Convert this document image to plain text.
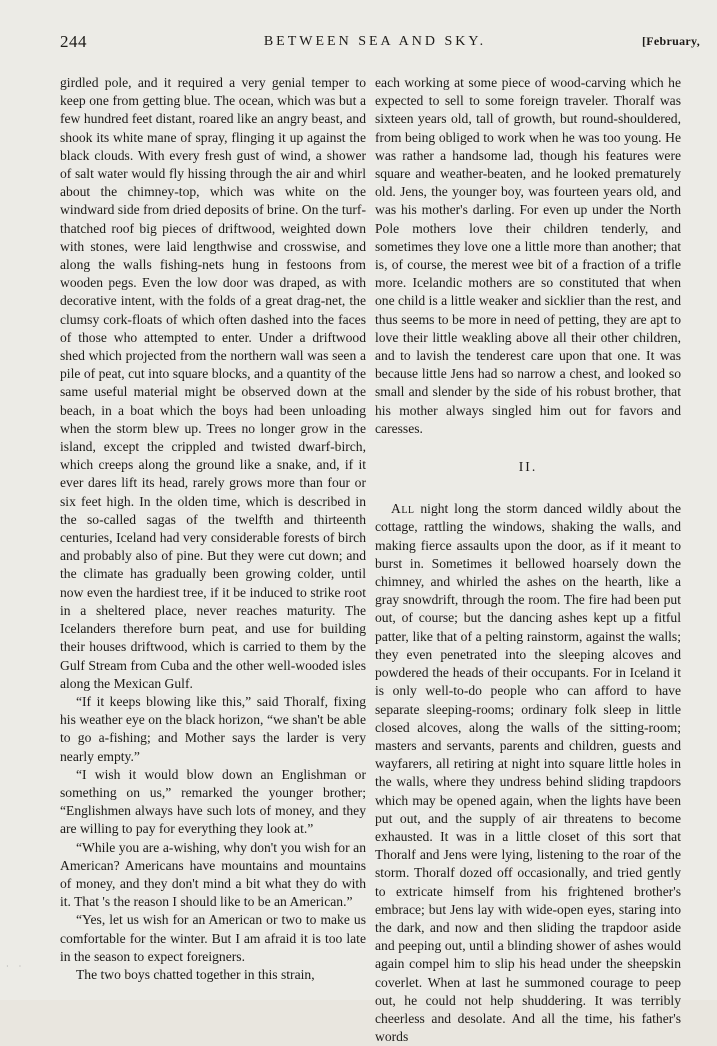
244	BETWEEN SEA AND SKY.	[February,

girdled pole, and it required a very genial temper to keep one from getting blue. The ocean, which was but a few hundred feet distant, roared like an angry beast, and shook its white mane of spray, flinging it up against the black clouds. With every fresh gust of wind, a shower of salt water would fly hissing through the air and whirl about the chimney-top, which was white on the windward side from dried deposits of brine. On the turf-thatched roof big pieces of driftwood, weighted down with stones, were laid lengthwise and crosswise, and along the walls fishing-nets hung in festoons from wooden pegs. Even the low door was draped, as with decorative intent, with the folds of a great drag-net, the clumsy cork-floats of which often dashed into the faces of those who attempted to enter. Under a driftwood shed which projected from the northern wall was seen a pile of peat, cut into square blocks, and a quantity of the same useful material might be observed down at the beach, in a boat which the boys had been unloading when the storm blew up. Trees no longer grow in the island, except the crippled and twisted dwarf-birch, which creeps along the ground like a snake, and, if it ever dares lift its head, rarely grows more than four or six feet high. In the olden time, which is described in the so-called sagas of the twelfth and thirteenth centuries, Iceland had very considerable forests of birch and probably also of pine. But they were cut down; and the climate has gradually been growing colder, until now even the hardiest tree, if it be induced to strike root in a sheltered place, never reaches maturity. The Icelanders therefore burn peat, and use for building their houses driftwood, which is carried to them by the Gulf Stream from Cuba and the other well-wooded isles along the Mexican Gulf.

“If it keeps blowing like this,” said Thoralf, fixing his weather eye on the black horizon, “we shan't be able to go a-fishing; and Mother says the larder is very nearly empty.”

“I wish it would blow down an Englishman or something on us,” remarked the younger brother; “Englishmen always have such lots of money, and they are willing to pay for everything they look at.”

“While you are a-wishing, why don't you wish for an American? Americans have mountains and mountains of money, and they don't mind a bit what they do with it. That 's the reason I should like to be an American.”

“Yes, let us wish for an American or two to make us comfortable for the winter. But I am afraid it is too late in the season to expect foreigners.

The two boys chatted together in this strain,

each working at some piece of wood-carving which he expected to sell to some foreign traveler. Thoralf was sixteen years old, tall of growth, but round-shouldered, from being obliged to work when he was too young. He was rather a handsome lad, though his features were square and weather-beaten, and he looked prematurely old. Jens, the younger boy, was fourteen years old, and was his mother's darling. For even up under the North Pole mothers love their children tenderly, and sometimes they love one a little more than another; that is, of course, the merest wee bit of a fraction of a trifle more. Icelandic mothers are so constituted that when one child is a little weaker and sicklier than the rest, and thus seems to be more in need of petting, they are apt to love their little weakling above all their other children, and to lavish the tenderest care upon that one. It was because little Jens had so narrow a chest, and looked so small and slender by the side of his robust brother, that his mother always singled him out for favors and caresses.

II.

All night long the storm danced wildly about the cottage, rattling the windows, shaking the walls, and making fierce assaults upon the door, as if it meant to burst in. Sometimes it bellowed hoarsely down the chimney, and whirled the ashes on the hearth, like a gray snowdrift, through the room. The fire had been put out, of course; but the dancing ashes kept up a fitful patter, like that of a pelting rainstorm, against the walls; they even penetrated into the sleeping alcoves and powdered the heads of their occupants. For in Iceland it is only well-to-do people who can afford to have separate sleeping-rooms; ordinary folk sleep in little closed alcoves, along the walls of the sitting-room; masters and servants, parents and children, guests and wayfarers, all retiring at night into square little holes in the walls, where they undress behind sliding trapdoors which may be opened again, when the lights have been put out, and the supply of air threatens to become exhausted. It was in a little closet of this sort that Thoralf and Jens were lying, listening to the roar of the storm. Thoralf dozed off occasionally, and tried gently to extricate himself from his frightened brother's embrace; but Jens lay with wide-open eyes, staring into the dark, and now and then sliding the trapdoor aside and peeping out, until a blinding shower of ashes would again compel him to slip his head under the sheepskin coverlet. When at last he summoned courage to peep out, he could not help shuddering. It was terribly cheerless and desolate. And all the time, his father's words

· ·
